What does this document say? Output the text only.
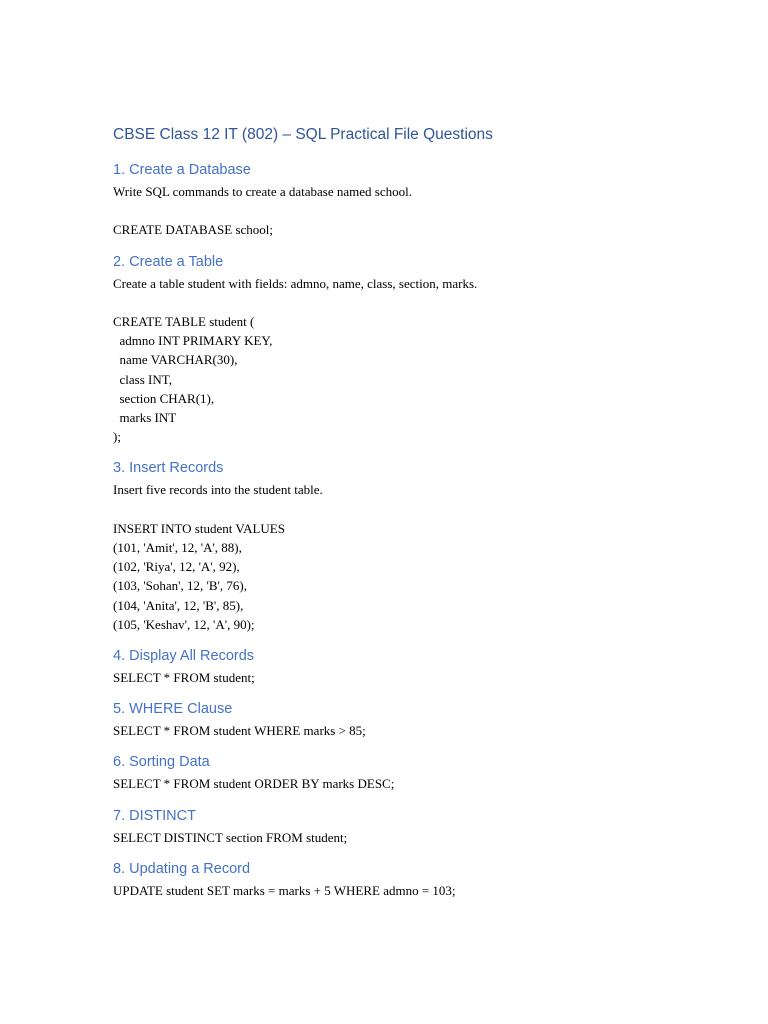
CBSE Class 12 IT (802) – SQL Practical File Questions
1. Create a Database
Write SQL commands to create a database named school.
CREATE DATABASE school;
2. Create a Table
Create a table student with fields: admno, name, class, section, marks.
CREATE TABLE student (
admno INT PRIMARY KEY,
name VARCHAR(30),
class INT,
section CHAR(1),
marks INT
);
3. Insert Records
Insert five records into the student table.
INSERT INTO student VALUES
(101, 'Amit', 12, 'A', 88),
(102, 'Riya', 12, 'A', 92),
(103, 'Sohan', 12, 'B', 76),
(104, 'Anita', 12, 'B', 85),
(105, 'Keshav', 12, 'A', 90);
4. Display All Records
SELECT * FROM student;
5. WHERE Clause
SELECT * FROM student WHERE marks > 85;
6. Sorting Data
SELECT * FROM student ORDER BY marks DESC;
7. DISTINCT
SELECT DISTINCT section FROM student;
8. Updating a Record
UPDATE student SET marks = marks + 5 WHERE admno = 103;
